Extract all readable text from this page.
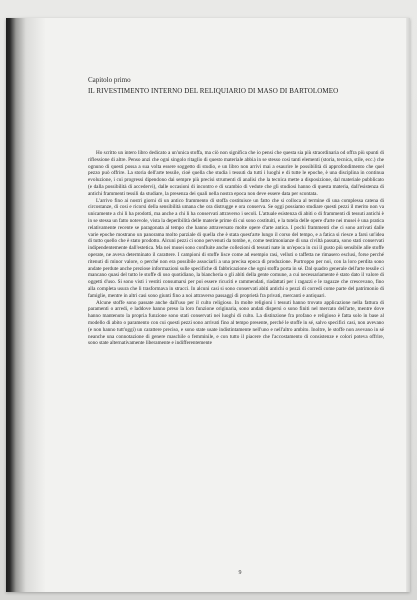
Capitolo primo
IL RIVESTIMENTO INTERNO DEL RELIQUIARIO DI MASO DI BARTOLOMEO

Ho scritto un intero libro dedicato a un'unica stoffa, ma ciò non significa che io pensi che questa sia più straordinaria od offra più spunti di riflessione di altre. Penso anzi che ogni singolo ritaglio di questo materiale abbia in se stesso così tanti elementi (storia, tecnica, stile, ecc.) che ognuno di questi possa a sua volta essere soggetto di studio, e un libro non arrivi mai a esaurire le possibilità di approfondimento che quel pezzo può offrire. La storia dell'arte tessile, cioè quella che studia i tessuti da tutti i luoghi e di tutte le epoche, è una disciplina in continua evoluzione, i cui progressi dipendono dai sempre più precisi strumenti di analisi che la tecnica mette a disposizione, dal materiale pubblicato (e dalla possibilità di accedervi), dalle occasioni di incontro e di scambio di vedute che gli studiosi hanno di questa materia, dall'esistenza di antichi frammenti tessili da studiare, la presenza dei quali nella nostra epoca non deve essere data per scontata.

L'arrivo fino ai nostri giorni di un antico frammento di stoffa costituisce un fatto che si colloca al termine di una complessa catena di circostanze, di cosi e ricorsi della sensibilità umana che ora distrugge e ora conserva. Se oggi possiamo studiare questi pezzi il merito non va unicamente a chi li ha prodotti, ma anche a chi li ha conservati attraverso i secoli. L'attuale esistenza di abiti o di frammenti di tessuti antichi è in se stessa un fatto notevole, vista la deperibilità delle materie prime di cui sono costituiti, e la tutela delle opere d'arte nei musei è una pratica relativamente recente se paragonata al tempo che hanno attraversato molte opere d'arte antica. I pochi frammenti che ci sono arrivati dalle varie epoche mostrano un panorama molto parziale di quella che è stata quest'arte lungo il corso del tempo, e a fatica si riesce a farsi un'idea di tutto quello che è stato prodotto. Alcuni pezzi ci sono pervenuti da tombe, e, come testimonianze di una civiltà passata, sono stati conservati indipendentemente dall'estetica. Ma nei musei sono confluite anche collezioni di tessuti nate in un'epoca in cui il gusto più sensibile alle stoffe operate, ne aveva determinato il carattere. I campioni di stoffe lisce come ad esempio rasi, velluti o taffetta ne rimasero esclusi, forse perché ritenuti di minor valore, o perché non era possibile associarli a una precisa epoca di produzione. Purtroppo per noi, con la loro perdita sono andate perdute anche preziose informazioni sulle specifiche di fabbricazione che ogni stoffa porta in sé. Dal quadro generale dell'arte tessile ci mancano quasi del tutto le stoffe di uso quotidiano, la biancheria o gli abiti della gente comune, a cui necessariamente è stato dato il valore di oggetti d'uso. Si sono visti i vestiti consumarsi per poi essere ricuciti e rammendati, riadattati per i ragazzi e le ragazze che crescevano, fino alla completa usura che li trasformava in stracci. In alcuni casi si sono conservati abiti antichi o pezzi di corredi come parte del patrimonio di famiglie, mentre in altri casi sono giunti fino a noi attraverso passaggi di proprietà fra privati, mercanti e antiquari.

Alcune stoffe sono passate anche dall'uso per il culto religioso. In molte religioni i tessuti hanno trovato applicazione nella fattura di paramenti o arredi, e laddove hanno preso la loro funzione originaria, sono andati dispersi o sono finiti nel mercato dell'arte, mentre dove hanno mantenuto la propria funzione sono stati conservati nei luoghi di culto. La distinzione fra profano e religioso è fatta solo in base al modello di abito o paramento con cui questi pezzi sono arrivati fino al tempo presente, perché le stoffe in sé, salvo specifici casi, non avevano (e non hanno tutt'oggi) un carattere preciso, e sono state usate indistintamente nell'uno e nell'altro ambito. Inoltre, le stoffe non avevano in sé neanche una connotazione di genere maschile o femminile, e con tutto il piacere che l'accostamento di consistenze e colori poteva offrire, sono state alternativamente liberamente e indifferentemente

9
